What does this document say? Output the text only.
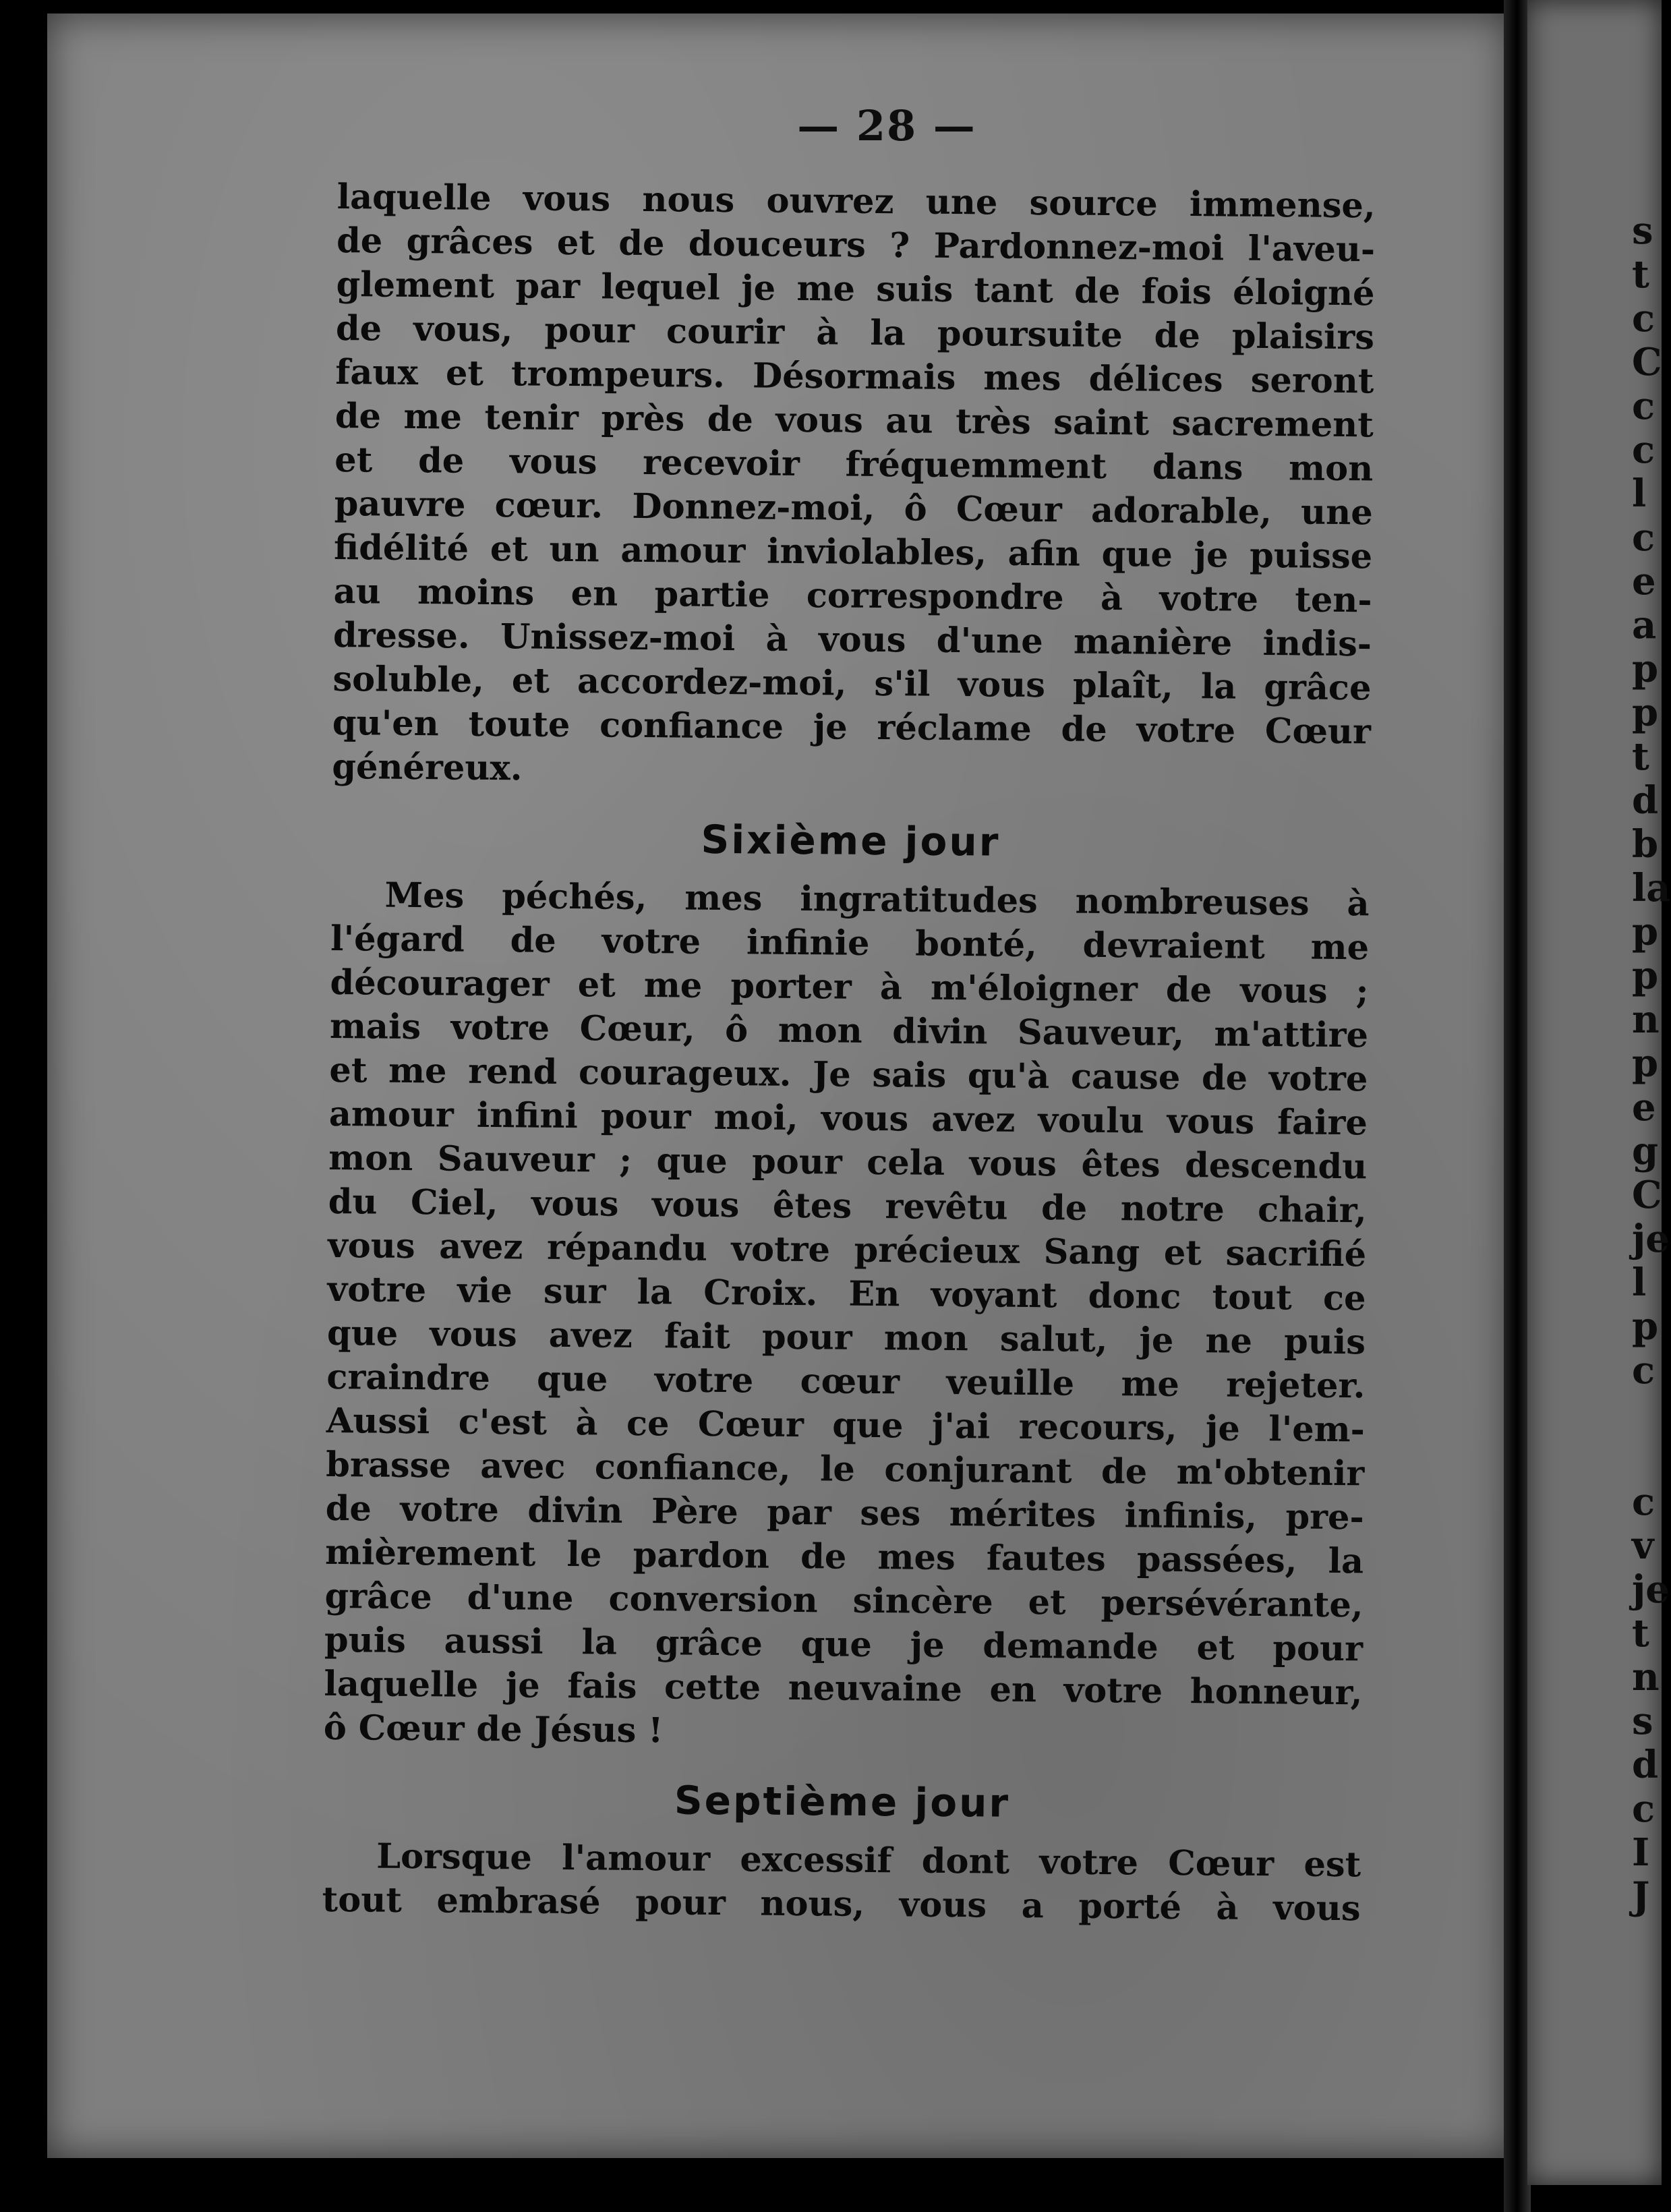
s
t
c
C
c
c
l
c
e
a
p
p
t
d
b
la
p
p
n
p
e
g
C
je
l
p
c

c
v
je
t
n
s
d
c
I
J
— 28 —
laquelle vous nous ouvrez une source immense,
de grâces et de douceurs ? Pardonnez-moi l'aveu-
glement par lequel je me suis tant de fois éloigné
de vous, pour courir à la poursuite de plaisirs
faux et trompeurs. Désormais mes délices seront
de me tenir près de vous au très saint sacrement
et de vous recevoir fréquemment dans mon
pauvre cœur. Donnez-moi, ô Cœur adorable, une
fidélité et un amour inviolables, afin que je puisse
au moins en partie correspondre à votre ten-
dresse. Unissez-moi à vous d'une manière indis-
soluble, et accordez-moi, s'il vous plaît, la grâce
qu'en toute confiance je réclame de votre Cœur
généreux.
Sixième jour
Mes péchés, mes ingratitudes nombreuses à
l'égard de votre infinie bonté, devraient me
décourager et me porter à m'éloigner de vous ;
mais votre Cœur, ô mon divin Sauveur, m'attire
et me rend courageux. Je sais qu'à cause de votre
amour infini pour moi, vous avez voulu vous faire
mon Sauveur ; que pour cela vous êtes descendu
du Ciel, vous vous êtes revêtu de notre chair,
vous avez répandu votre précieux Sang et sacrifié
votre vie sur la Croix. En voyant donc tout ce
que vous avez fait pour mon salut, je ne puis
craindre que votre cœur veuille me rejeter.
Aussi c'est à ce Cœur que j'ai recours, je l'em-
brasse avec confiance, le conjurant de m'obtenir
de votre divin Père par ses mérites infinis, pre-
mièrement le pardon de mes fautes passées, la
grâce d'une conversion sincère et persévérante,
puis aussi la grâce que je demande et pour
laquelle je fais cette neuvaine en votre honneur,
ô Cœur de Jésus !
Septième jour
Lorsque l'amour excessif dont votre Cœur est
tout embrasé pour nous, vous a porté à vous
